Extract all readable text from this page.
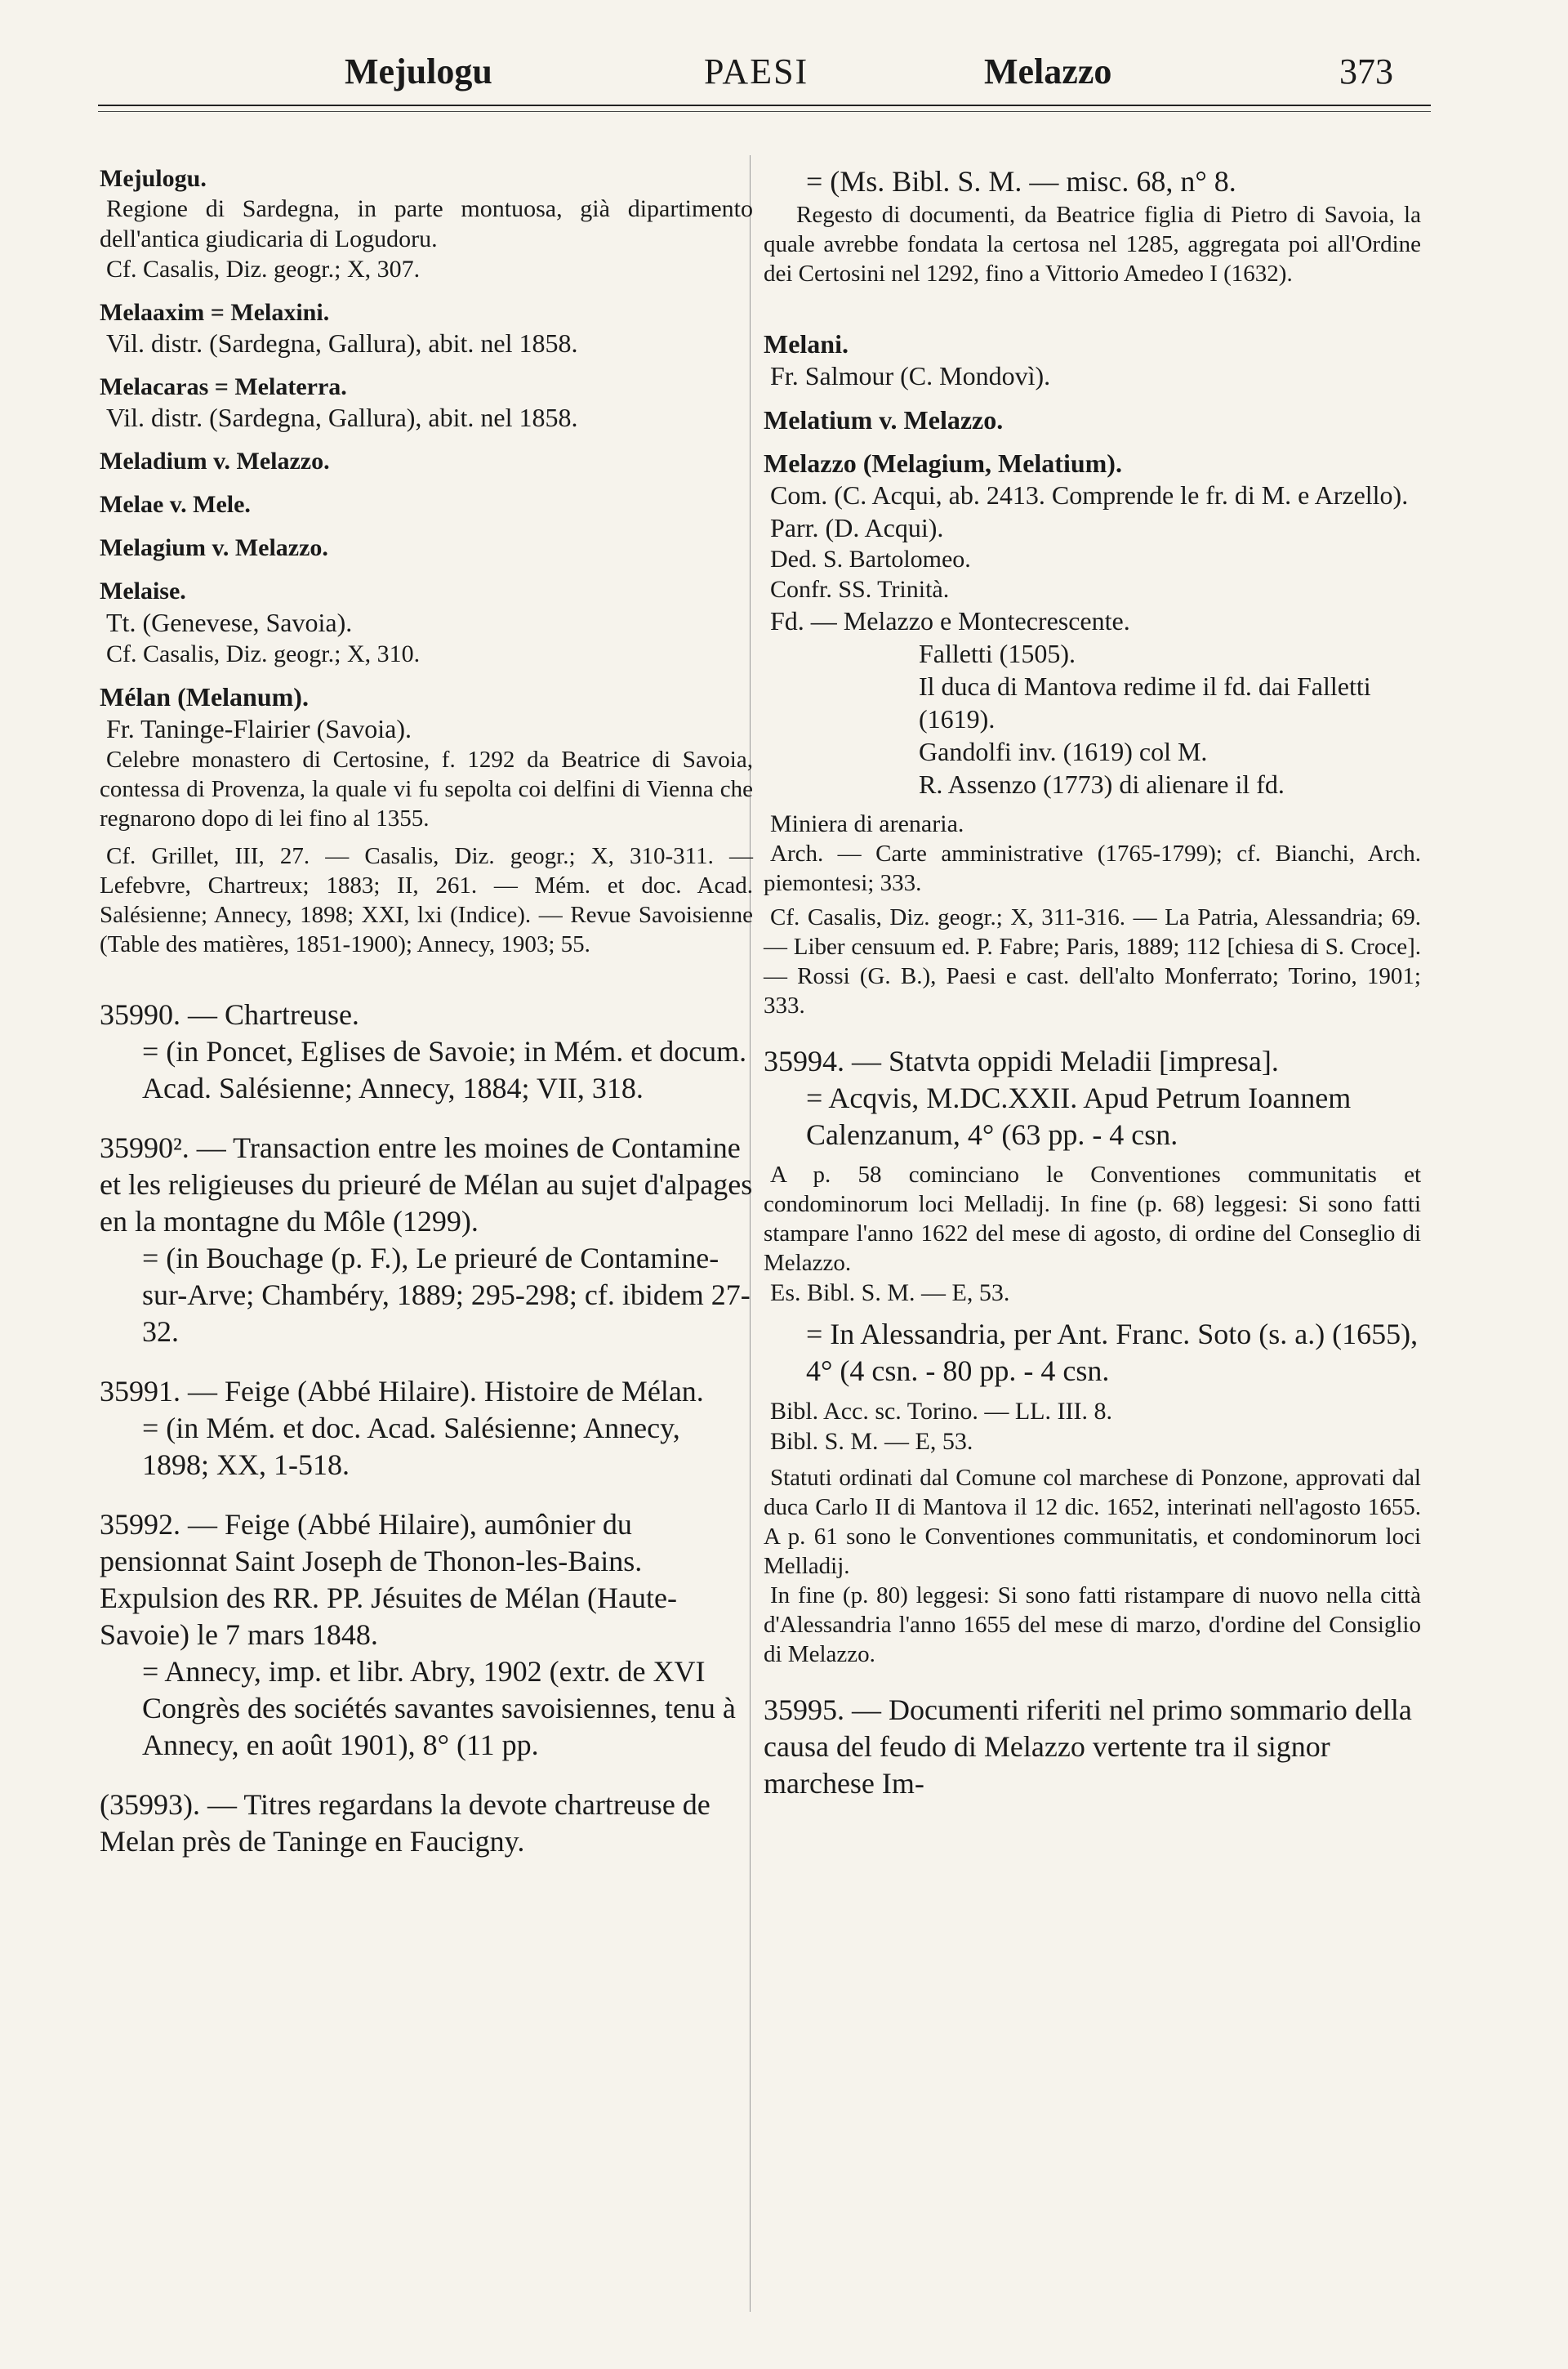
Mejulogu	PAESI	Melazzo	373

Mejulogu.

Regione di Sardegna, in parte montuosa, già dipartimento dell'antica giudicaria di Logudoru.

Cf. Casalis, Diz. geogr.; X, 307.

Melaaxim = Melaxini.

Vil. distr. (Sardegna, Gallura), abit. nel 1858.

Melacaras = Melaterra.

Vil. distr. (Sardegna, Gallura), abit. nel 1858.

Meladium v. Melazzo.

Melae v. Mele.

Melagium v. Melazzo.

Melaise.

Tt. (Genevese, Savoia).

Cf. Casalis, Diz. geogr.; X, 310.

Mélan (Melanum).

Fr. Taninge-Flairier (Savoia).

Celebre monastero di Certosine, f. 1292 da Beatrice di Savoia, contessa di Provenza, la quale vi fu sepolta coi delfini di Vienna che regnarono dopo di lei fino al 1355.

Cf. Grillet, III, 27. — Casalis, Diz. geogr.; X, 310-311. — Lefebvre, Chartreux; 1883; II, 261. — Mém. et doc. Acad. Salésienne; Annecy, 1898; XXI, lxi (Indice). — Revue Savoisienne (Table des matières, 1851-1900); Annecy, 1903; 55.

35990. — Chartreuse.

= (in Poncet, Eglises de Savoie; in Mém. et docum. Acad. Salésienne; Annecy, 1884; VII, 318.

35990². — Transaction entre les moines de Contamine et les religieuses du prieuré de Mélan au sujet d'alpages en la montagne du Môle (1299).

= (in Bouchage (p. F.), Le prieuré de Contamine-sur-Arve; Chambéry, 1889; 295-298; cf. ibidem 27-32.

35991. — Feige (Abbé Hilaire). Histoire de Mélan.

= (in Mém. et doc. Acad. Salésienne; Annecy, 1898; XX, 1-518.

35992. — Feige (Abbé Hilaire), aumônier du pensionnat Saint Joseph de Thonon-les-Bains. Expulsion des RR. PP. Jésuites de Mélan (Haute-Savoie) le 7 mars 1848.

= Annecy, imp. et libr. Abry, 1902 (extr. de XVI Congrès des sociétés savantes savoisiennes, tenu à Annecy, en août 1901), 8° (11 pp.

(35993). — Titres regardans la devote chartreuse de Melan près de Taninge en Faucigny.

= (Ms. Bibl. S. M. — misc. 68, n° 8.

Regesto di documenti, da Beatrice figlia di Pietro di Savoia, la quale avrebbe fondata la certosa nel 1285, aggregata poi all'Ordine dei Certosini nel 1292, fino a Vittorio Amedeo I (1632).

Melani.

Fr. Salmour (C. Mondovì).

Melatium v. Melazzo.

Melazzo (Melagium, Melatium).

Com. (C. Acqui, ab. 2413. Comprende le fr. di M. e Arzello).

Parr. (D. Acqui).

Ded. S. Bartolomeo.

Confr. SS. Trinità.

Fd. — Melazzo e Montecrescente.

Falletti (1505).

Il duca di Mantova redime il fd. dai Falletti (1619).

Gandolfi inv. (1619) col M.

R. Assenzo (1773) di alienare il fd.

Miniera di arenaria.

Arch. — Carte amministrative (1765-1799); cf. Bianchi, Arch. piemontesi; 333.

Cf. Casalis, Diz. geogr.; X, 311-316. — La Patria, Alessandria; 69. — Liber censuum ed. P. Fabre; Paris, 1889; 112 [chiesa di S. Croce]. — Rossi (G. B.), Paesi e cast. dell'alto Monferrato; Torino, 1901; 333.

35994. — Statvta oppidi Meladii [impresa].

= Acqvis, M.DC.XXII. Apud Petrum Ioannem Calenzanum, 4° (63 pp. - 4 csn.

A p. 58 cominciano le Conventiones communitatis et condominorum loci Melladij. In fine (p. 68) leggesi: Si sono fatti stampare l'anno 1622 del mese di agosto, di ordine del Conseglio di Melazzo.

Es. Bibl. S. M. — E, 53.

= In Alessandria, per Ant. Franc. Soto (s. a.) (1655), 4° (4 csn. - 80 pp. - 4 csn.

Bibl. Acc. sc. Torino. — LL. III. 8.

Bibl. S. M. — E, 53.

Statuti ordinati dal Comune col marchese di Ponzone, approvati dal duca Carlo II di Mantova il 12 dic. 1652, interinati nell'agosto 1655. A p. 61 sono le Conventiones communitatis, et condominorum loci Melladij.

In fine (p. 80) leggesi: Si sono fatti ristampare di nuovo nella città d'Alessandria l'anno 1655 del mese di marzo, d'ordine del Consiglio di Melazzo.

35995. — Documenti riferiti nel primo sommario della causa del feudo di Melazzo vertente tra il signor marchese Im-
